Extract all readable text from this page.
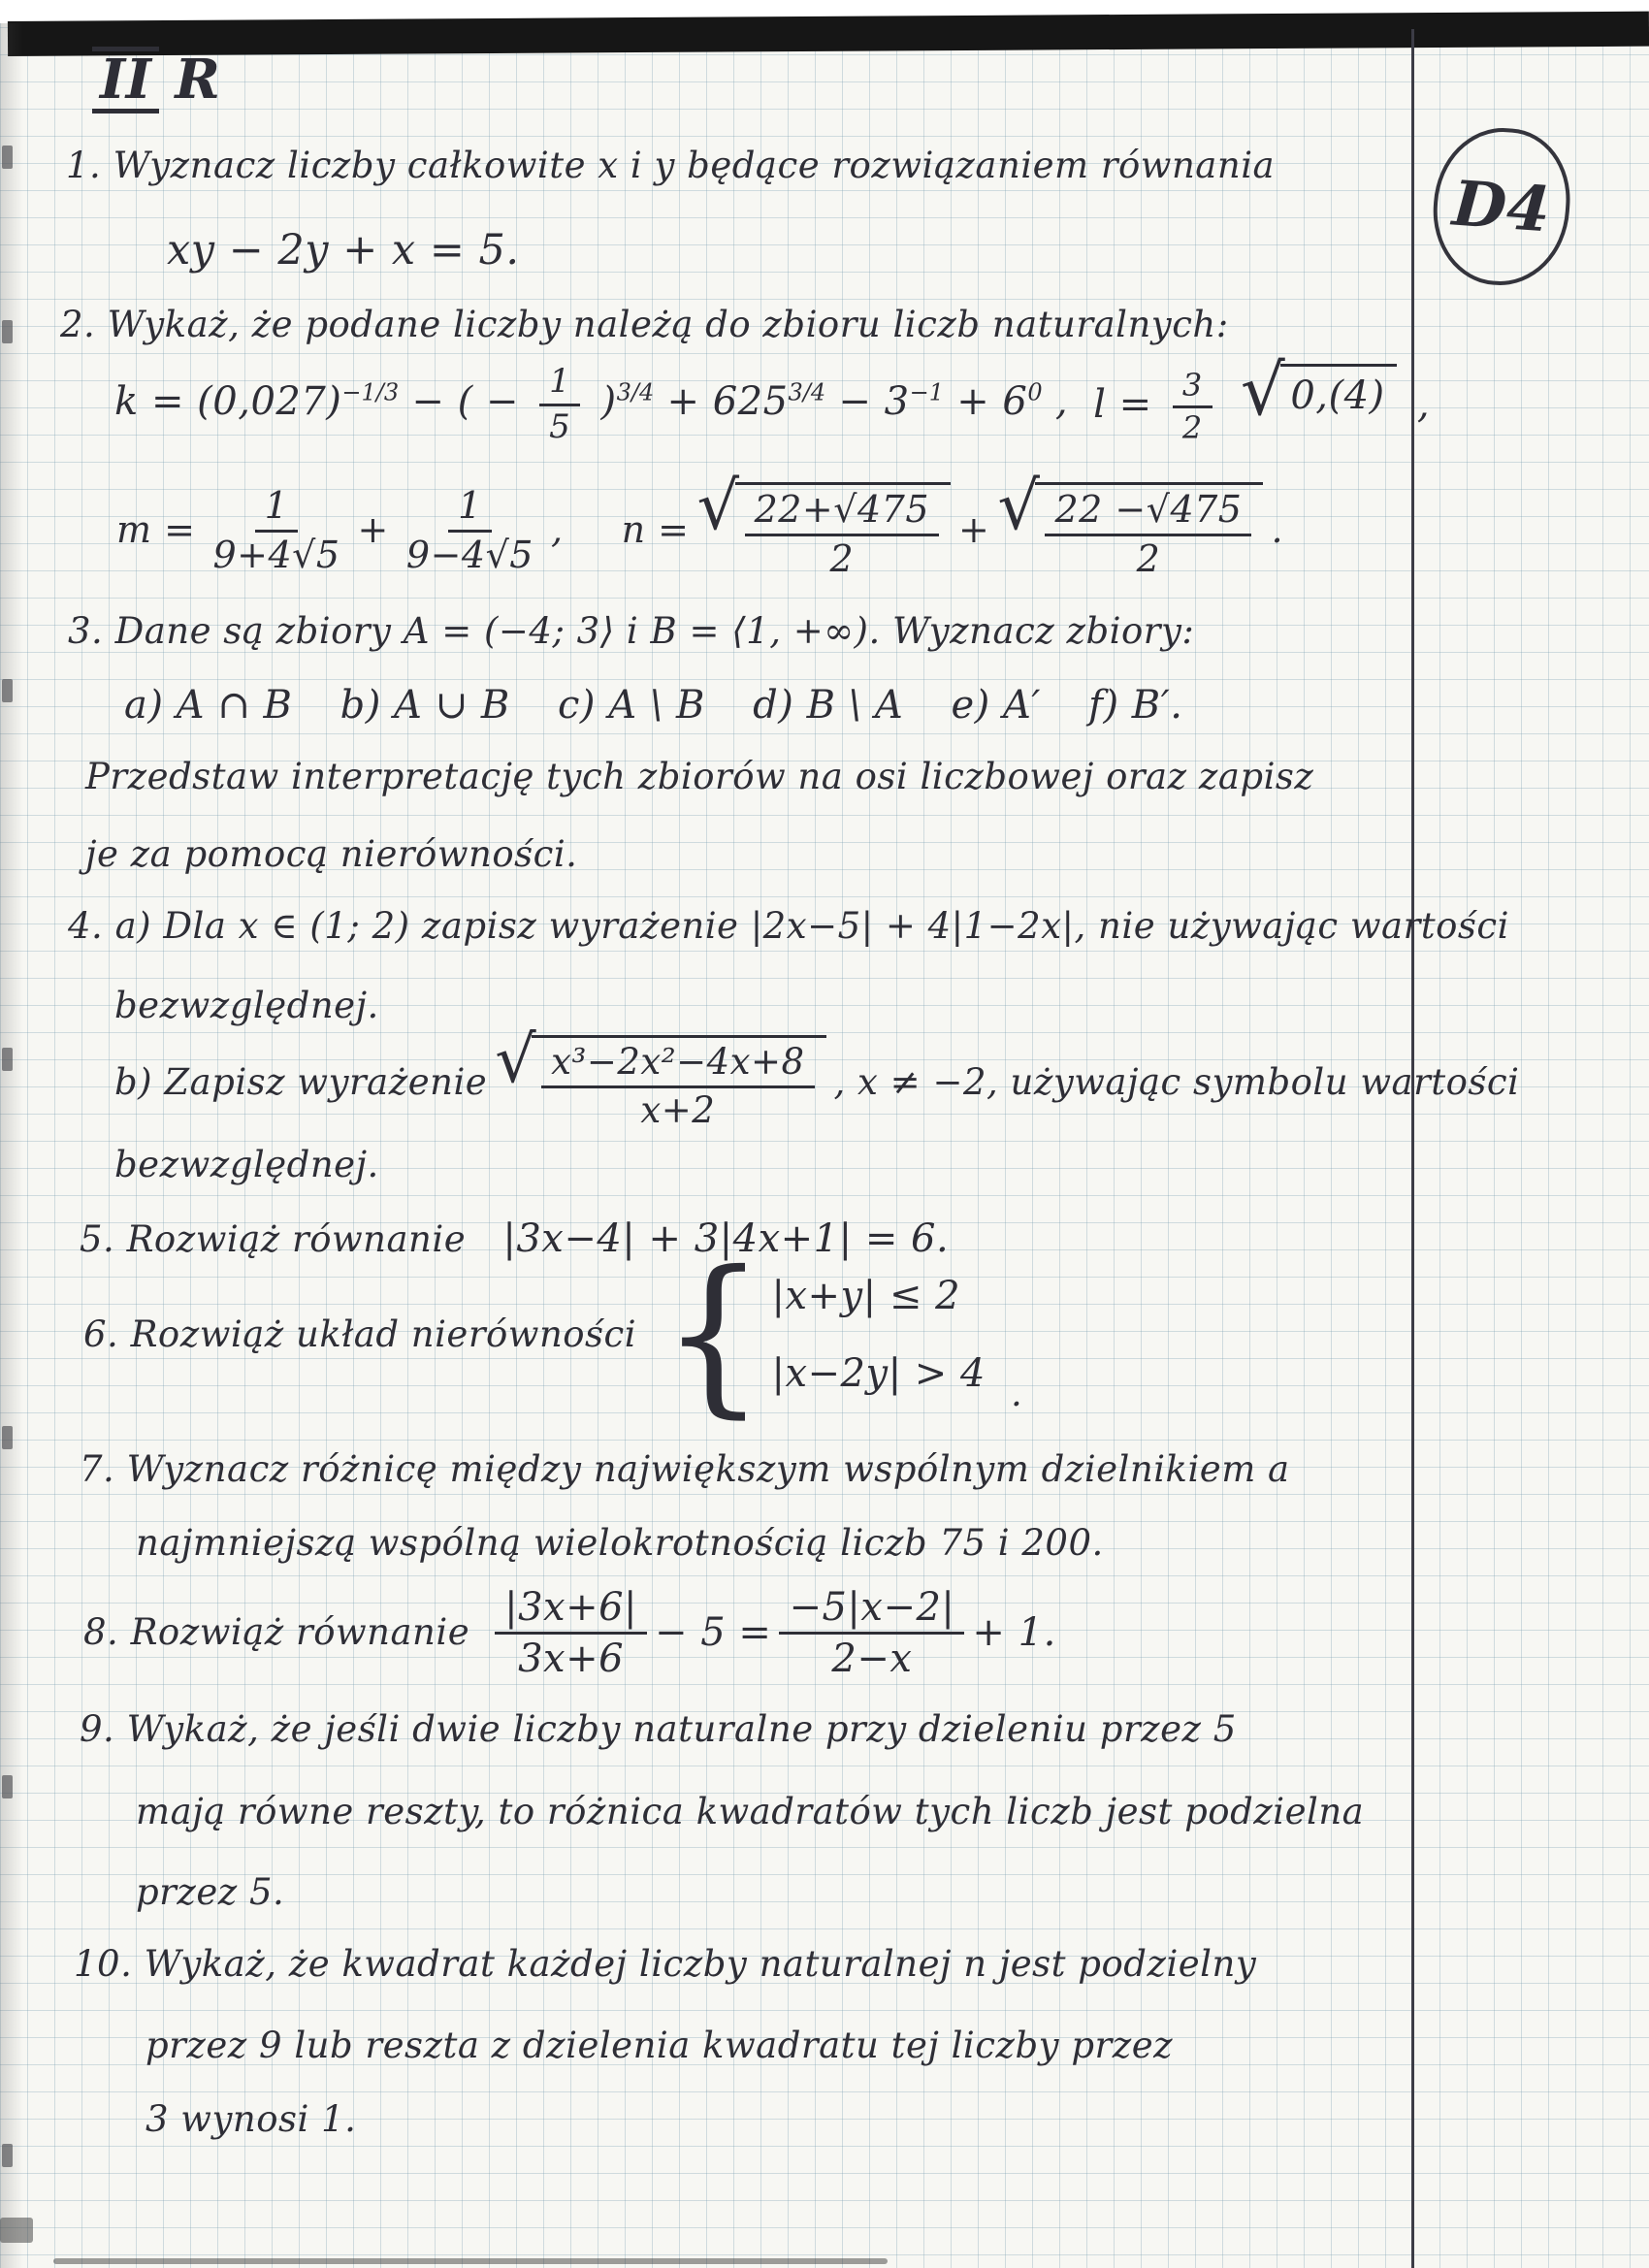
II R
D4
1. Wyznacz liczby całkowite x i y będące rozwiązaniem równania
xy − 2y + x = 5.
2. Wykaż, że podane liczby należą do zbioru liczb naturalnych:
$k = (0,027)^{-1/3}$ − ( − $\frac{1}{5} )^{3/4} + 625^{3/4} - 3^{-1} + 6^0$ , $l = \frac{3}{2}$
√ 0,(4) ,
$m = \frac{1}{9+4√5} + \frac{1}{9-4√5}$ , n = √ $\frac{22+√475}{2}$ + √ $\frac{22 -√475}{2}$ .
3. Dane są zbiory A = (−4; 3⟩ i B = ⟨1, +∞). Wyznacz zbiory:
a) A ∩ B b) A ∪ B c) A \ B d) B \ A e) A′ f) B′.
Przedstaw interpretację tych zbiorów na osi liczbowej oraz zapisz
je za pomocą nierówności.
4. a) Dla x ∈ (1; 2) zapisz wyrażenie |2x−5| + 4|1−2x|, nie używając wartości
bezwzględnej.
b) Zapisz wyrażenie √ $\frac{\text{x³−2x²−4x+8}}{x+2}$ , x ≠ −2, używając symbolu wartości
bezwzględnej.
5. Rozwiąż równanie |3x−4| + 3|4x+1| = 6.
6. Rozwiąż układ nierówności { |x+y| ≤ 2
|x−2y| > 4 .
7. Wyznacz różnicę między największym wspólnym dzielnikiem a
najmniejszą wspólną wielokrotnością liczb 75 i 200.
8. Rozwiąż równanie $\frac{|3x+6|}{3x+6} - 5 = \frac{-5|x-2|}{2-x} + 1$.
9. Wykaż, że jeśli dwie liczby naturalne przy dzieleniu przez 5
mają równe reszty, to różnica kwadratów tych liczb jest podzielna
przez 5.
10. Wykaż, że kwadrat każdej liczby naturalnej n jest podzielny
przez 9 lub reszta z dzielenia kwadratu tej liczby przez
3 wynosi 1.
